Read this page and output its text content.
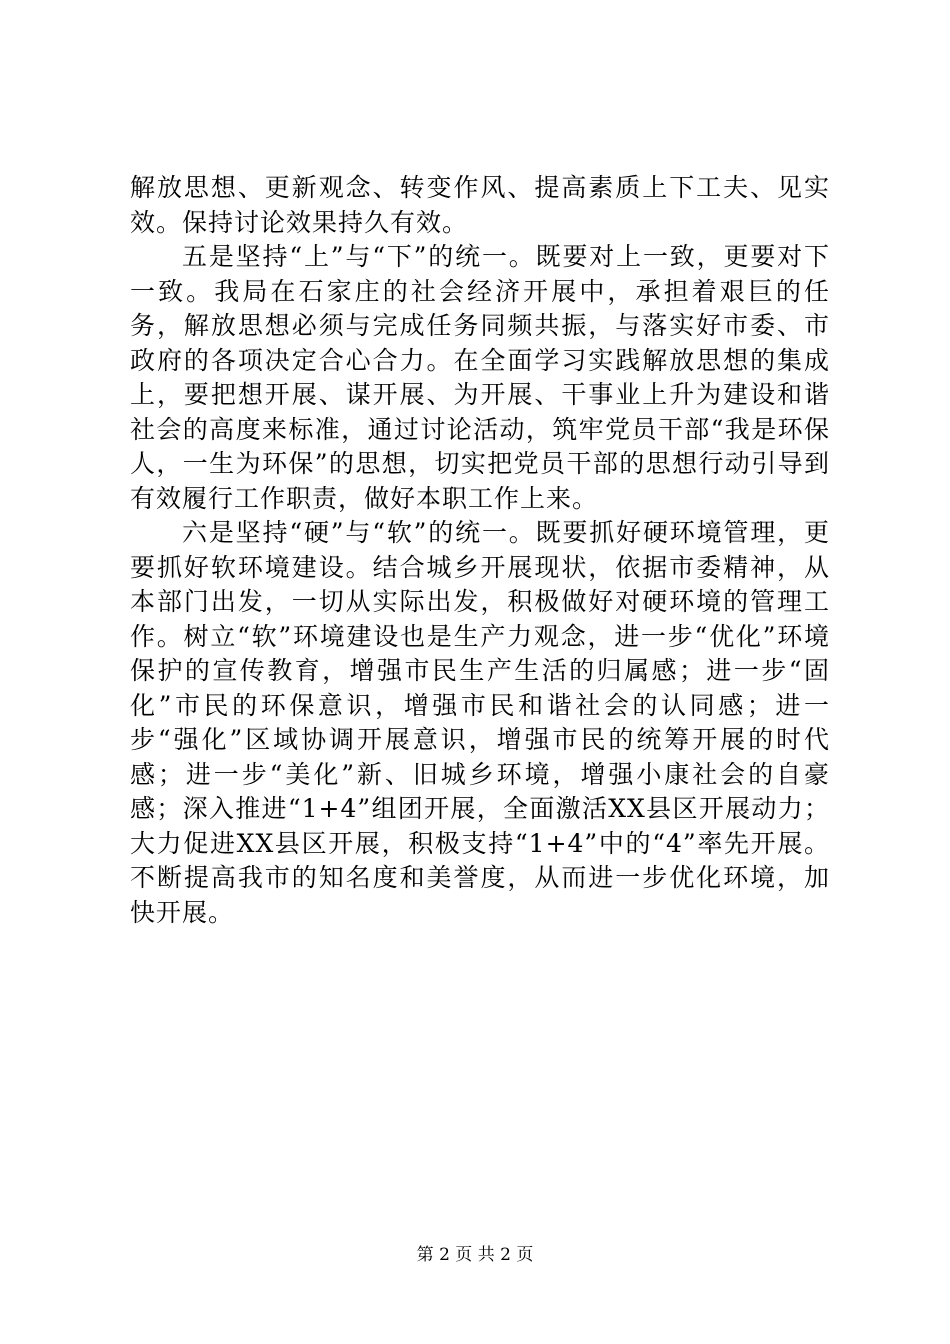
解放思想、更新观念、转变作风、提高素质上下工夫、见实效。保持讨论效果持久有效。

五是坚持“上”与“下”的统一。既要对上一致，更要对下一致。我局在石家庄的社会经济开展中，承担着艰巨的任务，解放思想必须与完成任务同频共振，与落实好市委、市政府的各项决定合心合力。在全面学习实践解放思想的集成上，要把想开展、谋开展、为开展、干事业上升为建设和谐社会的高度来标准，通过讨论活动，筑牢党员干部“我是环保人，一生为环保”的思想，切实把党员干部的思想行动引导到有效履行工作职责，做好本职工作上来。

六是坚持“硬”与“软”的统一。既要抓好硬环境管理，更要抓好软环境建设。结合城乡开展现状，依据市委精神，从本部门出发，一切从实际出发，积极做好对硬环境的管理工作。树立“软”环境建设也是生产力观念，进一步“优化”环境保护的宣传教育，增强市民生产生活的归属感；进一步“固化”市民的环保意识，增强市民和谐社会的认同感；进一步“强化”区域协调开展意识，增强市民的统筹开展的时代感；进一步“美化”新、旧城乡环境，增强小康社会的自豪感；深入推进“1+4”组团开展，全面激活XX县区开展动力；大力促进XX县区开展，积极支持“1+4”中的“4”率先开展。不断提高我市的知名度和美誉度，从而进一步优化环境，加快开展。

第 2 页 共 2 页
